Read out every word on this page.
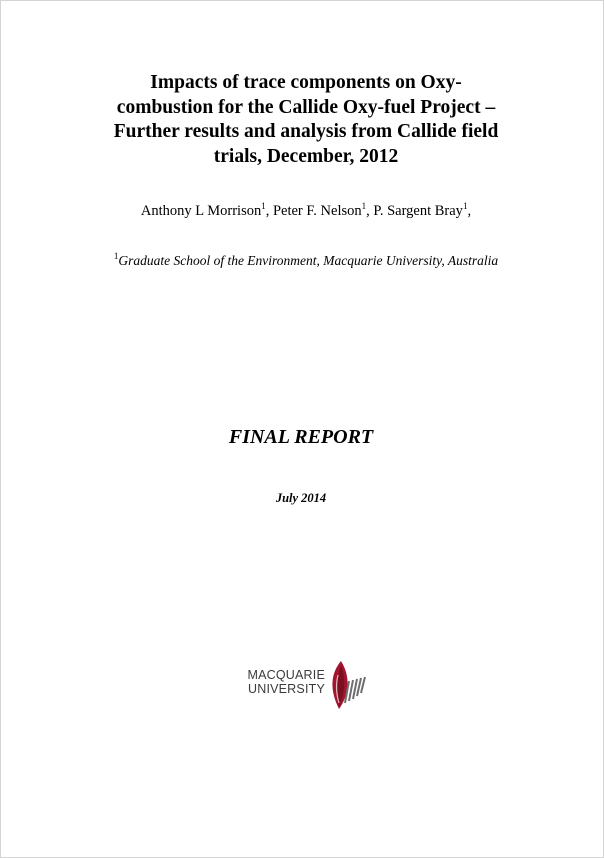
Impacts of trace components on Oxy-
combustion for the Callide Oxy-fuel Project –
Further results and analysis from Callide field
trials, December, 2012
Anthony L Morrison$^1$, Peter F. Nelson$^1$, P. Sargent Bray$^1$,
$^1$Graduate School of the Environment, Macquarie University, Australia
FINAL REPORT
July 2014
MACQUARIE
UNIVERSITY
